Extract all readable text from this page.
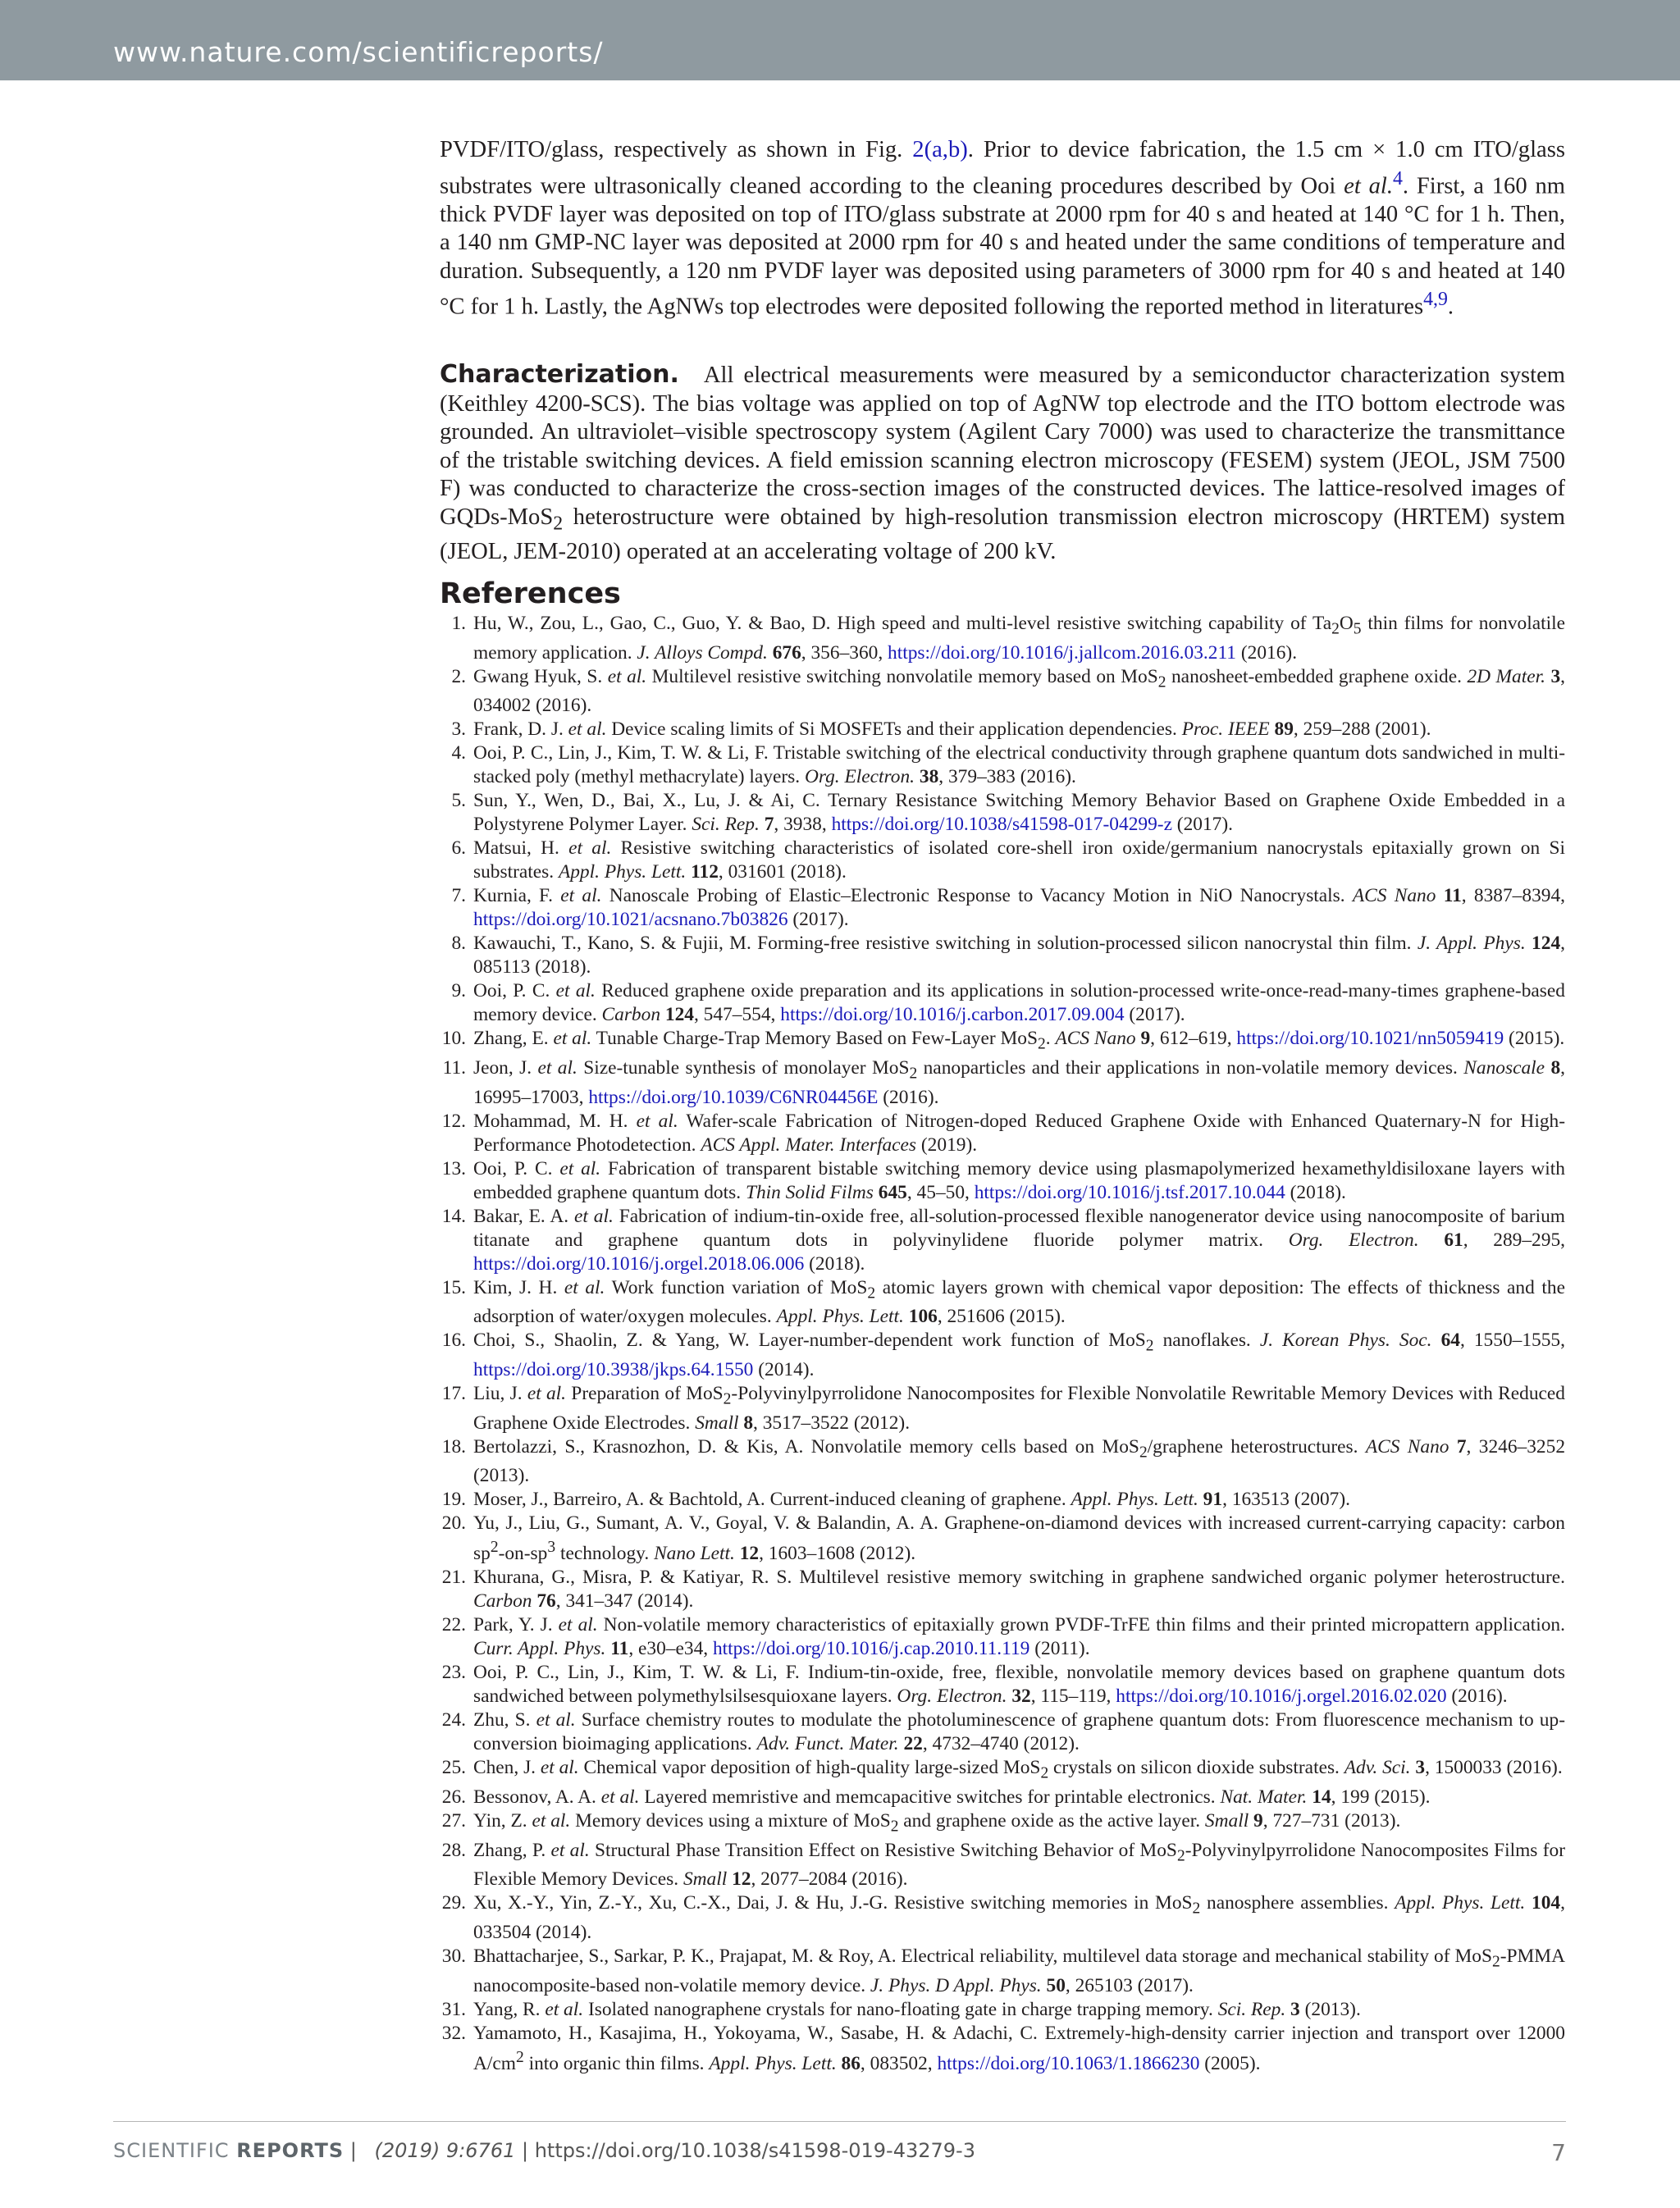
www.nature.com/scientificreports/

PVDF/ITO/glass, respectively as shown in Fig. 2(a,b). Prior to device fabrication, the 1.5 cm × 1.0 cm ITO/glass substrates were ultrasonically cleaned according to the cleaning procedures described by Ooi et al.$^4$. First, a 160 nm thick PVDF layer was deposited on top of ITO/glass substrate at 2000 rpm for 40 s and heated at 140 °C for 1 h. Then, a 140 nm GMP-NC layer was deposited at 2000 rpm for 40 s and heated under the same conditions of temperature and duration. Subsequently, a 120 nm PVDF layer was deposited using parameters of 3000 rpm for 40 s and heated at 140 °C for 1 h. Lastly, the AgNWs top electrodes were deposited following the reported method in literatures$^{4,9}$.

Characterization. All electrical measurements were measured by a semiconductor characterization system (Keithley 4200-SCS). The bias voltage was applied on top of AgNW top electrode and the ITO bottom electrode was grounded. An ultraviolet–visible spectroscopy system (Agilent Cary 7000) was used to characterize the transmittance of the tristable switching devices. A field emission scanning electron microscopy (FESEM) system (JEOL, JSM 7500 F) was conducted to characterize the cross-section images of the constructed devices. The lattice-resolved images of GQDs-MoS$_2$ heterostructure were obtained by high-resolution transmission electron microscopy (HRTEM) system (JEOL, JEM-2010) operated at an accelerating voltage of 200 kV.

References
1. Hu, W., Zou, L., Gao, C., Guo, Y. & Bao, D. High speed and multi-level resistive switching capability of $Ta_2O_5$ thin films for nonvolatile memory application. J. Alloys Compd. 676, 356–360, https://doi.org/10.1016/j.jallcom.2016.03.211 (2016).
2. Gwang Hyuk, S. et al. Multilevel resistive switching nonvolatile memory based on MoS$_2$ nanosheet-embedded graphene oxide. 2D Mater. 3, 034002 (2016).
3. Frank, D. J. et al. Device scaling limits of Si MOSFETs and their application dependencies. Proc. IEEE 89, 259–288 (2001).
4. Ooi, P. C., Lin, J., Kim, T. W. & Li, F. Tristable switching of the electrical conductivity through graphene quantum dots sandwiched in multi-stacked poly (methyl methacrylate) layers. Org. Electron. 38, 379–383 (2016).
5. Sun, Y., Wen, D., Bai, X., Lu, J. & Ai, C. Ternary Resistance Switching Memory Behavior Based on Graphene Oxide Embedded in a Polystyrene Polymer Layer. Sci. Rep. 7, 3938, https://doi.org/10.1038/s41598-017-04299-z (2017).
6. Matsui, H. et al. Resistive switching characteristics of isolated core-shell iron oxide/germanium nanocrystals epitaxially grown on Si substrates. Appl. Phys. Lett. 112, 031601 (2018).
7. Kurnia, F. et al. Nanoscale Probing of Elastic–Electronic Response to Vacancy Motion in NiO Nanocrystals. ACS Nano 11, 8387–8394, https://doi.org/10.1021/acsnano.7b03826 (2017).
8. Kawauchi, T., Kano, S. & Fujii, M. Forming-free resistive switching in solution-processed silicon nanocrystal thin film. J. Appl. Phys. 124, 085113 (2018).
9. Ooi, P. C. et al. Reduced graphene oxide preparation and its applications in solution-processed write-once-read-many-times graphene-based memory device. Carbon 124, 547–554, https://doi.org/10.1016/j.carbon.2017.09.004 (2017).
10. Zhang, E. et al. Tunable Charge-Trap Memory Based on Few-Layer MoS$_2$. ACS Nano 9, 612–619, https://doi.org/10.1021/nn5059419 (2015).
11. Jeon, J. et al. Size-tunable synthesis of monolayer MoS$_2$ nanoparticles and their applications in non-volatile memory devices. Nanoscale 8, 16995–17003, https://doi.org/10.1039/C6NR04456E (2016).
12. Mohammad, M. H. et al. Wafer-scale Fabrication of Nitrogen-doped Reduced Graphene Oxide with Enhanced Quaternary-N for High-Performance Photodetection. ACS Appl. Mater. Interfaces (2019).
13. Ooi, P. C. et al. Fabrication of transparent bistable switching memory device using plasmapolymerized hexamethyldisiloxane layers with embedded graphene quantum dots. Thin Solid Films 645, 45–50, https://doi.org/10.1016/j.tsf.2017.10.044 (2018).
14. Bakar, E. A. et al. Fabrication of indium-tin-oxide free, all-solution-processed flexible nanogenerator device using nanocomposite of barium titanate and graphene quantum dots in polyvinylidene fluoride polymer matrix. Org. Electron. 61, 289–295, https://doi.org/10.1016/j.orgel.2018.06.006 (2018).
15. Kim, J. H. et al. Work function variation of MoS$_2$ atomic layers grown with chemical vapor deposition: The effects of thickness and the adsorption of water/oxygen molecules. Appl. Phys. Lett. 106, 251606 (2015).
16. Choi, S., Shaolin, Z. & Yang, W. Layer-number-dependent work function of MoS$_2$ nanoflakes. J. Korean Phys. Soc. 64, 1550–1555, https://doi.org/10.3938/jkps.64.1550 (2014).
17. Liu, J. et al. Preparation of MoS$_2$-Polyvinylpyrrolidone Nanocomposites for Flexible Nonvolatile Rewritable Memory Devices with Reduced Graphene Oxide Electrodes. Small 8, 3517–3522 (2012).
18. Bertolazzi, S., Krasnozhon, D. & Kis, A. Nonvolatile memory cells based on MoS$_2$/graphene heterostructures. ACS Nano 7, 3246–3252 (2013).
19. Moser, J., Barreiro, A. & Bachtold, A. Current-induced cleaning of graphene. Appl. Phys. Lett. 91, 163513 (2007).
20. Yu, J., Liu, G., Sumant, A. V., Goyal, V. & Balandin, A. A. Graphene-on-diamond devices with increased current-carrying capacity: carbon $sp^2-on-sp^3$ technology. Nano Lett. 12, 1603–1608 (2012).
21. Khurana, G., Misra, P. & Katiyar, R. S. Multilevel resistive memory switching in graphene sandwiched organic polymer heterostructure. Carbon 76, 341–347 (2014).
22. Park, Y. J. et al. Non-volatile memory characteristics of epitaxially grown PVDF-TrFE thin films and their printed micropattern application. Curr. Appl. Phys. 11, e30–e34, https://doi.org/10.1016/j.cap.2010.11.119 (2011).
23. Ooi, P. C., Lin, J., Kim, T. W. & Li, F. Indium-tin-oxide, free, flexible, nonvolatile memory devices based on graphene quantum dots sandwiched between polymethylsilsesquioxane layers. Org. Electron. 32, 115–119, https://doi.org/10.1016/j.orgel.2016.02.020 (2016).
24. Zhu, S. et al. Surface chemistry routes to modulate the photoluminescence of graphene quantum dots: From fluorescence mechanism to up-conversion bioimaging applications. Adv. Funct. Mater. 22, 4732–4740 (2012).
25. Chen, J. et al. Chemical vapor deposition of high-quality large-sized MoS$_2$ crystals on silicon dioxide substrates. Adv. Sci. 3, 1500033 (2016).
26. Bessonov, A. A. et al. Layered memristive and memcapacitive switches for printable electronics. Nat. Mater. 14, 199 (2015).
27. Yin, Z. et al. Memory devices using a mixture of MoS$_2$ and graphene oxide as the active layer. Small 9, 727–731 (2013).
28. Zhang, P. et al. Structural Phase Transition Effect on Resistive Switching Behavior of MoS$_2$-Polyvinylpyrrolidone Nanocomposites Films for Flexible Memory Devices. Small 12, 2077–2084 (2016).
29. Xu, X.-Y., Yin, Z.-Y., Xu, C.-X., Dai, J. & Hu, J.-G. Resistive switching memories in MoS$_2$ nanosphere assemblies. Appl. Phys. Lett. 104, 033504 (2014).
30. Bhattacharjee, S., Sarkar, P. K., Prajapat, M. & Roy, A. Electrical reliability, multilevel data storage and mechanical stability of MoS$_2$-PMMA nanocomposite-based non-volatile memory device. J. Phys. D Appl. Phys. 50, 265103 (2017).
31. Yang, R. et al. Isolated nanographene crystals for nano-floating gate in charge trapping memory. Sci. Rep. 3 (2013).
32. Yamamoto, H., Kasajima, H., Yokoyama, W., Sasabe, H. & Adachi, C. Extremely-high-density carrier injection and transport over 12000 $A/cm^2$ into organic thin films. Appl. Phys. Lett. 86, 083502, https://doi.org/10.1063/1.1866230 (2005).
SCIENTIFIC REPORTS | (2019) 9:6761 | https://doi.org/10.1038/s41598-019-43279-3	7
